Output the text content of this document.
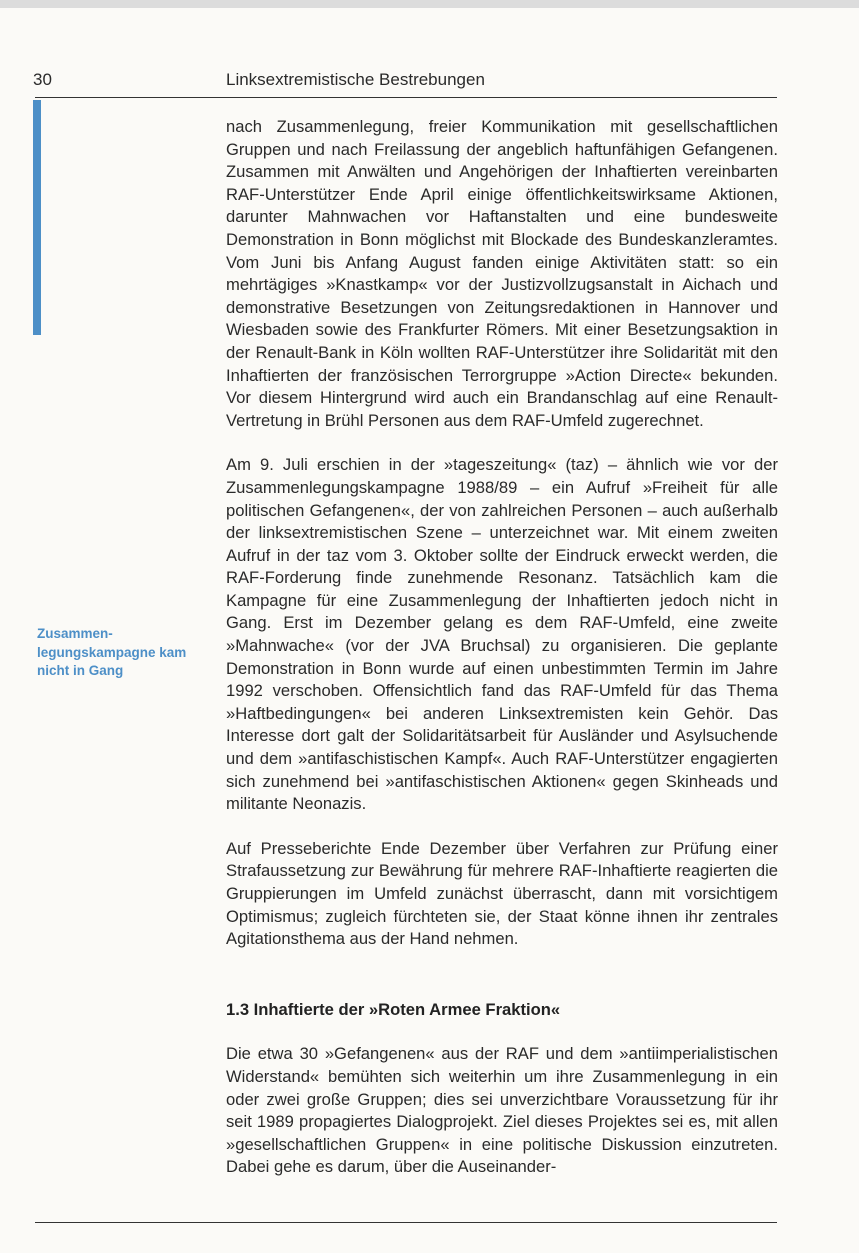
30	Linksextremistische Bestrebungen
Zusammen-legungskampagne kam nicht in Gang

nach Zusammenlegung, freier Kommunikation mit gesellschaftlichen Gruppen und nach Freilassung der angeblich haftunfähigen Gefangenen. Zusammen mit Anwälten und Angehörigen der Inhaftierten vereinbarten RAF-Unterstützer Ende April einige öffentlichkeitswirksame Aktionen, darunter Mahnwachen vor Haftanstalten und eine bundesweite Demonstration in Bonn möglichst mit Blockade des Bundeskanzleramtes. Vom Juni bis Anfang August fanden einige Aktivitäten statt: so ein mehrtägiges »Knastkamp« vor der Justizvollzugsanstalt in Aichach und demonstrative Besetzungen von Zeitungsredaktionen in Hannover und Wiesbaden sowie des Frankfurter Römers. Mit einer Besetzungsaktion in der Renault-Bank in Köln wollten RAF-Unterstützer ihre Solidarität mit den Inhaftierten der französischen Terrorgruppe »Action Directe« bekunden. Vor diesem Hintergrund wird auch ein Brandanschlag auf eine Renault-Vertretung in Brühl Personen aus dem RAF-Umfeld zugerechnet.

Am 9. Juli erschien in der »tageszeitung« (taz) – ähnlich wie vor der Zusammenlegungskampagne 1988/89 – ein Aufruf »Freiheit für alle politischen Gefangenen«, der von zahlreichen Personen – auch außerhalb der linksextremistischen Szene – unterzeichnet war. Mit einem zweiten Aufruf in der taz vom 3. Oktober sollte der Eindruck erweckt werden, die RAF-Forderung finde zunehmende Resonanz. Tatsächlich kam die Kampagne für eine Zusammenlegung der Inhaftierten jedoch nicht in Gang. Erst im Dezember gelang es dem RAF-Umfeld, eine zweite »Mahnwache« (vor der JVA Bruchsal) zu organisieren. Die geplante Demonstration in Bonn wurde auf einen unbestimmten Termin im Jahre 1992 verschoben. Offensichtlich fand das RAF-Umfeld für das Thema »Haftbedingungen« bei anderen Linksextremisten kein Gehör. Das Interesse dort galt der Solidaritätsarbeit für Ausländer und Asylsuchende und dem »antifaschistischen Kampf«. Auch RAF-Unterstützer engagierten sich zunehmend bei »antifaschistischen Aktionen« gegen Skinheads und militante Neonazis.

Auf Presseberichte Ende Dezember über Verfahren zur Prüfung einer Strafaussetzung zur Bewährung für mehrere RAF-Inhaftierte reagierten die Gruppierungen im Umfeld zunächst überrascht, dann mit vorsichtigem Optimismus; zugleich fürchteten sie, der Staat könne ihnen ihr zentrales Agitationsthema aus der Hand nehmen.

1.3 Inhaftierte der »Roten Armee Fraktion«

Die etwa 30 »Gefangenen« aus der RAF und dem »antiimperialistischen Widerstand« bemühten sich weiterhin um ihre Zusammenlegung in ein oder zwei große Gruppen; dies sei unverzichtbare Voraussetzung für ihr seit 1989 propagiertes Dialogprojekt. Ziel dieses Projektes sei es, mit allen »gesellschaftlichen Gruppen« in eine politische Diskussion einzutreten. Dabei gehe es darum, über die Auseinander-
